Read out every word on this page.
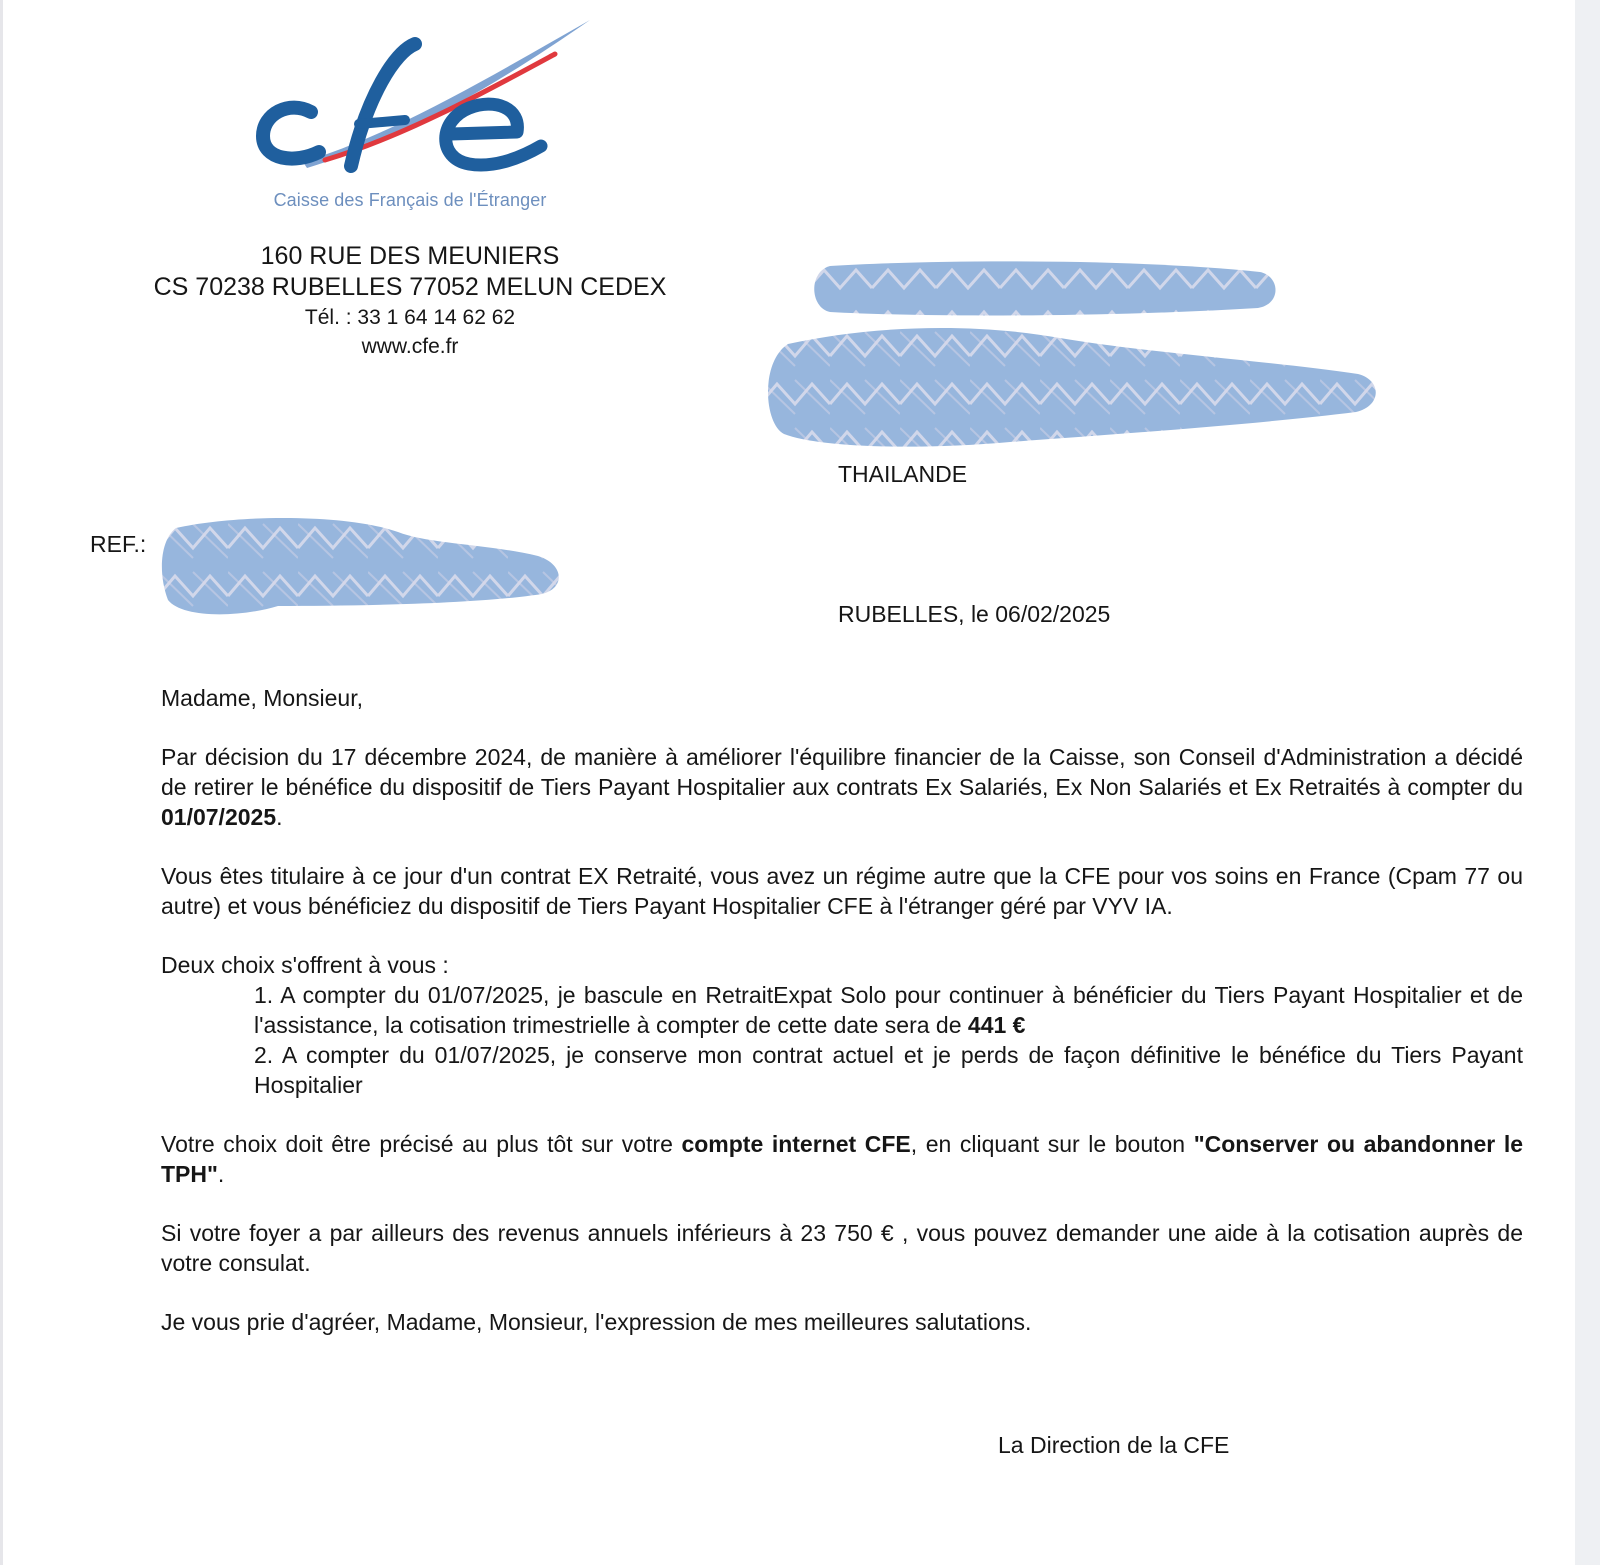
Caisse des Français de l'Étranger
160 RUE DES MEUNIERS
CS 70238 RUBELLES 77052 MELUN CEDEX
Tél. : 33 1 64 14 62 62
www.cfe.fr
THAILANDE
REF.:
RUBELLES, le 06/02/2025

Madame, Monsieur,

Par décision du 17 décembre 2024, de manière à améliorer l'équilibre financier de la Caisse, son Conseil d'Administration a décidé de retirer le bénéfice du dispositif de Tiers Payant Hospitalier aux contrats Ex Salariés, Ex Non Salariés et Ex Retraités à compter du 01/07/2025.

Vous êtes titulaire à ce jour d'un contrat EX Retraité, vous avez un régime autre que la CFE pour vos soins en France (Cpam 77 ou autre) et vous bénéficiez du dispositif de Tiers Payant Hospitalier CFE à l'étranger géré par VYV IA.

Deux choix s'offrent à vous :

1. A compter du 01/07/2025, je bascule en RetraitExpat Solo pour continuer à bénéficier du Tiers Payant Hospitalier et de l'assistance, la cotisation trimestrielle à compter de cette date sera de 441 €

2. A compter du 01/07/2025, je conserve mon contrat actuel et je perds de façon définitive le bénéfice du Tiers Payant Hospitalier

Votre choix doit être précisé au plus tôt sur votre compte internet CFE, en cliquant sur le bouton "Conserver ou abandonner le TPH".

Si votre foyer a par ailleurs des revenus annuels inférieurs à 23 750 € , vous pouvez demander une aide à la cotisation auprès de votre consulat.

Je vous prie d'agréer, Madame, Monsieur, l'expression de mes meilleures salutations.

La Direction de la CFE
